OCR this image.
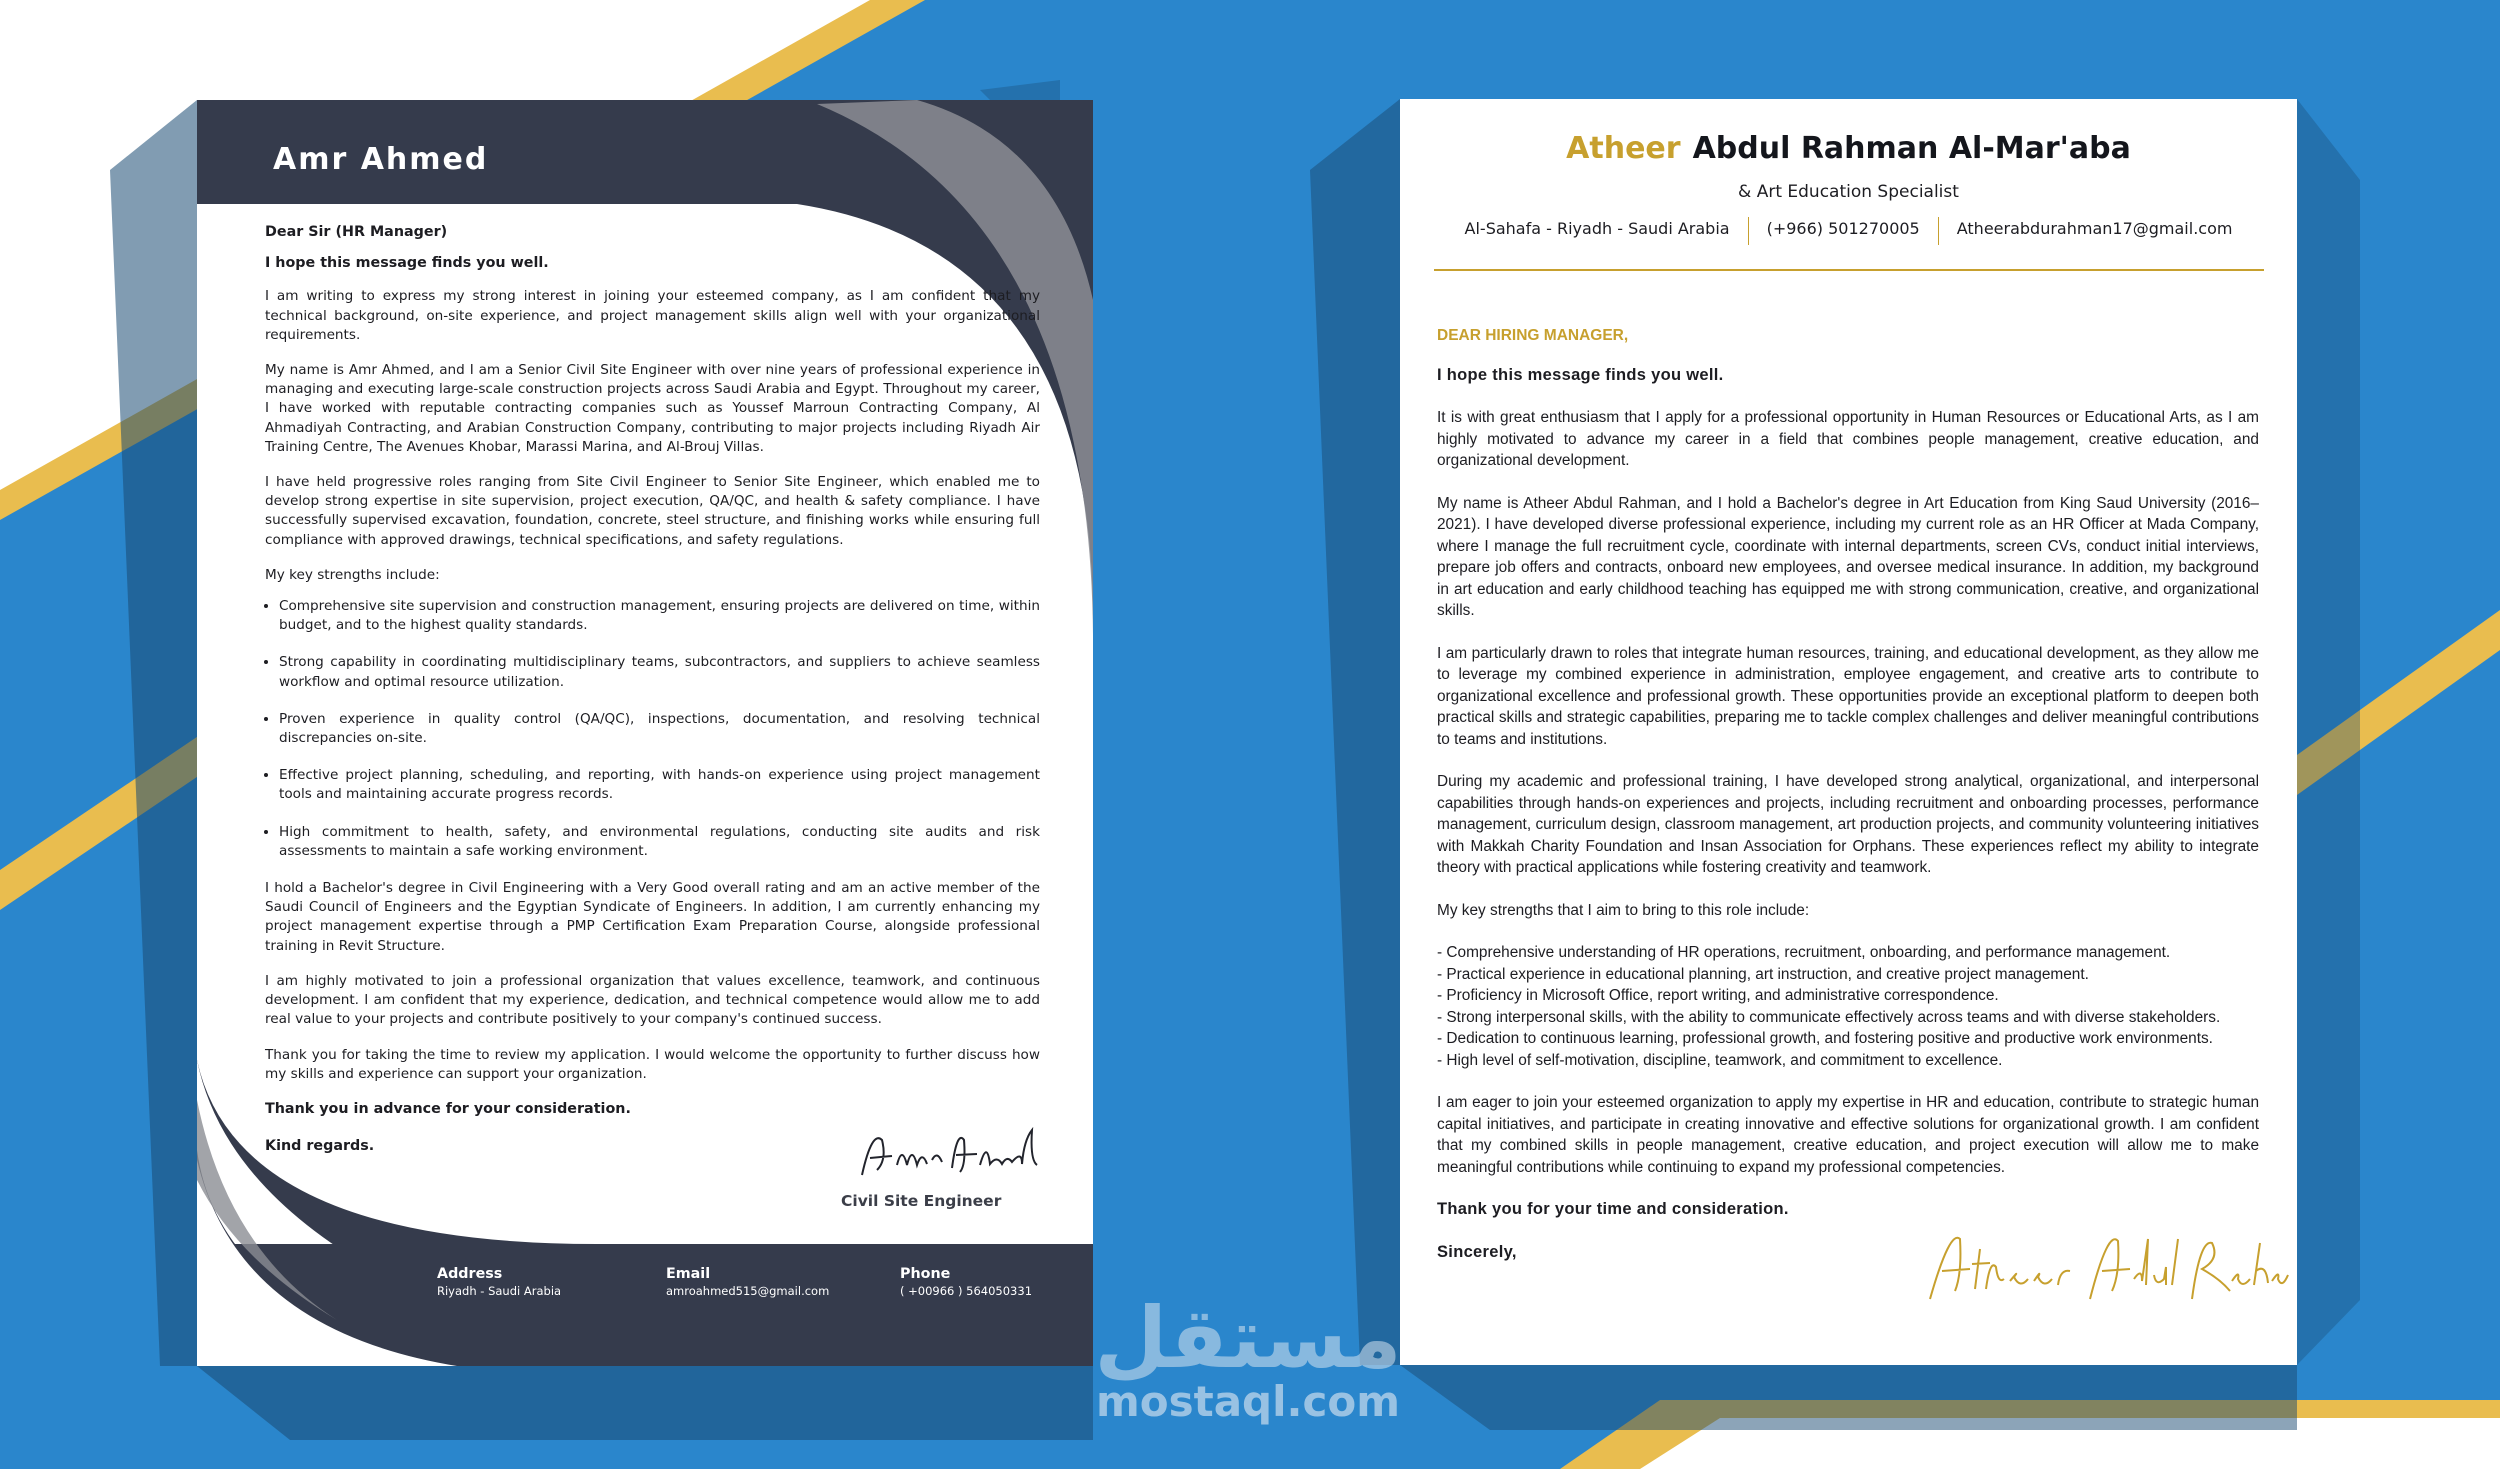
Amr Ahmed

Dear Sir (HR Manager)

I hope this message finds you well.

I am writing to express my strong interest in joining your esteemed company, as I am confident that my technical background, on-site experience, and project management skills align well with your organizational requirements.

My name is Amr Ahmed, and I am a Senior Civil Site Engineer with over nine years of professional experience in managing and executing large-scale construction projects across Saudi Arabia and Egypt. Throughout my career, I have worked with reputable contracting companies such as Youssef Marroun Contracting Company, Al Ahmadiyah Contracting, and Arabian Construction Company, contributing to major projects including Riyadh Air Training Centre, The Avenues Khobar, Marassi Marina, and Al-Brouj Villas.

I have held progressive roles ranging from Site Civil Engineer to Senior Site Engineer, which enabled me to develop strong expertise in site supervision, project execution, QA/QC, and health & safety compliance. I have successfully supervised excavation, foundation, concrete, steel structure, and finishing works while ensuring full compliance with approved drawings, technical specifications, and safety regulations.

My key strengths include:

• Comprehensive site supervision and construction management, ensuring projects are delivered on time, within budget, and to the highest quality standards.
• Strong capability in coordinating multidisciplinary teams, subcontractors, and suppliers to achieve seamless workflow and optimal resource utilization.
• Proven experience in quality control (QA/QC), inspections, documentation, and resolving technical discrepancies on-site.
• Effective project planning, scheduling, and reporting, with hands-on experience using project management tools and maintaining accurate progress records.
• High commitment to health, safety, and environmental regulations, conducting site audits and risk assessments to maintain a safe working environment.

I hold a Bachelor's degree in Civil Engineering with a Very Good overall rating and am an active member of the Saudi Council of Engineers and the Egyptian Syndicate of Engineers. In addition, I am currently enhancing my project management expertise through a PMP Certification Exam Preparation Course, alongside professional training in Revit Structure.

I am highly motivated to join a professional organization that values excellence, teamwork, and continuous development. I am confident that my experience, dedication, and technical competence would allow me to add real value to your projects and contribute positively to your company's continued success.

Thank you for taking the time to review my application. I would welcome the opportunity to further discuss how my skills and experience can support your organization.

Thank you in advance for your consideration.

Kind regards.

Civil Site Engineer
Address
Riyadh - Saudi Arabia
Email
amroahmed515@gmail.com
Phone
( +00966 ) 564050331
Atheer Abdul Rahman Al-Mar'aba
& Art Education Specialist
Al-Sahafa - Riyadh - Saudi Arabia	(+966) 501270005	Atheerabdurahman17@gmail.com

DEAR HIRING MANAGER,

I hope this message finds you well.

It is with great enthusiasm that I apply for a professional opportunity in Human Resources or Educational Arts, as I am highly motivated to advance my career in a field that combines people management, creative education, and organizational development.

My name is Atheer Abdul Rahman, and I hold a Bachelor's degree in Art Education from King Saud University (2016–2021). I have developed diverse professional experience, including my current role as an HR Officer at Mada Company, where I manage the full recruitment cycle, coordinate with internal departments, screen CVs, conduct initial interviews, prepare job offers and contracts, onboard new employees, and oversee medical insurance. In addition, my background in art education and early childhood teaching has equipped me with strong communication, creative, and organizational skills.

I am particularly drawn to roles that integrate human resources, training, and educational development, as they allow me to leverage my combined experience in administration, employee engagement, and creative arts to contribute to organizational excellence and professional growth. These opportunities provide an exceptional platform to deepen both practical skills and strategic capabilities, preparing me to tackle complex challenges and deliver meaningful contributions to teams and institutions.

During my academic and professional training, I have developed strong analytical, organizational, and interpersonal capabilities through hands-on experiences and projects, including recruitment and onboarding processes, performance management, curriculum design, classroom management, art production projects, and community volunteering initiatives with Makkah Charity Foundation and Insan Association for Orphans. These experiences reflect my ability to integrate theory with practical applications while fostering creativity and teamwork.

My key strengths that I aim to bring to this role include:

- Comprehensive understanding of HR operations, recruitment, onboarding, and performance management.
- Practical experience in educational planning, art instruction, and creative project management.
- Proficiency in Microsoft Office, report writing, and administrative correspondence.
- Strong interpersonal skills, with the ability to communicate effectively across teams and with diverse stakeholders.
- Dedication to continuous learning, professional growth, and fostering positive and productive work environments.
- High level of self-motivation, discipline, teamwork, and commitment to excellence.

I am eager to join your esteemed organization to apply my expertise in HR and education, contribute to strategic human capital initiatives, and participate in creating innovative and effective solutions for organizational growth. I am confident that my combined skills in people management, creative education, and project execution will allow me to make meaningful contributions while continuing to expand my professional competencies.

Thank you for your time and consideration.

Sincerely,

مستقل
mostaql.com
